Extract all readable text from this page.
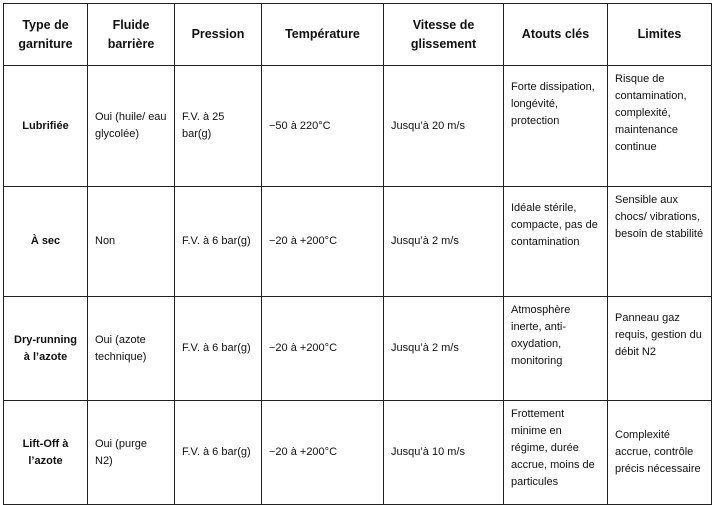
Type de garniture	Fluide barrière	Pression	Température	Vitesse de glissement	Atouts clés	Limites
Lubrifiée	Oui (huile/ eau glycolée)	F.V. à 25 bar(g)	−50 à 220°C	Jusqu’à 20 m/s	Forte dissipation, longévité, protection	Risque de contamination, complexité, maintenance continue
À sec	Non	F.V. à 6 bar(g)	−20 à +200°C	Jusqu’à 2 m/s	Idéale stérile, compacte, pas de contamination	Sensible aux chocs/ vibrations, besoin de stabilité
Dry-running à l’azote	Oui (azote technique)	F.V. à 6 bar(g)	−20 à +200°C	Jusqu’à 2 m/s	Atmosphère inerte, anti-oxydation, monitoring	Panneau gaz requis, gestion du débit N2
Lift-Off à l’azote	Oui (purge N2)	F.V. à 6 bar(g)	−20 à +200°C	Jusqu’à 10 m/s	Frottement minime en régime, durée accrue, moins de particules	Complexité accrue, contrôle précis nécessaire
